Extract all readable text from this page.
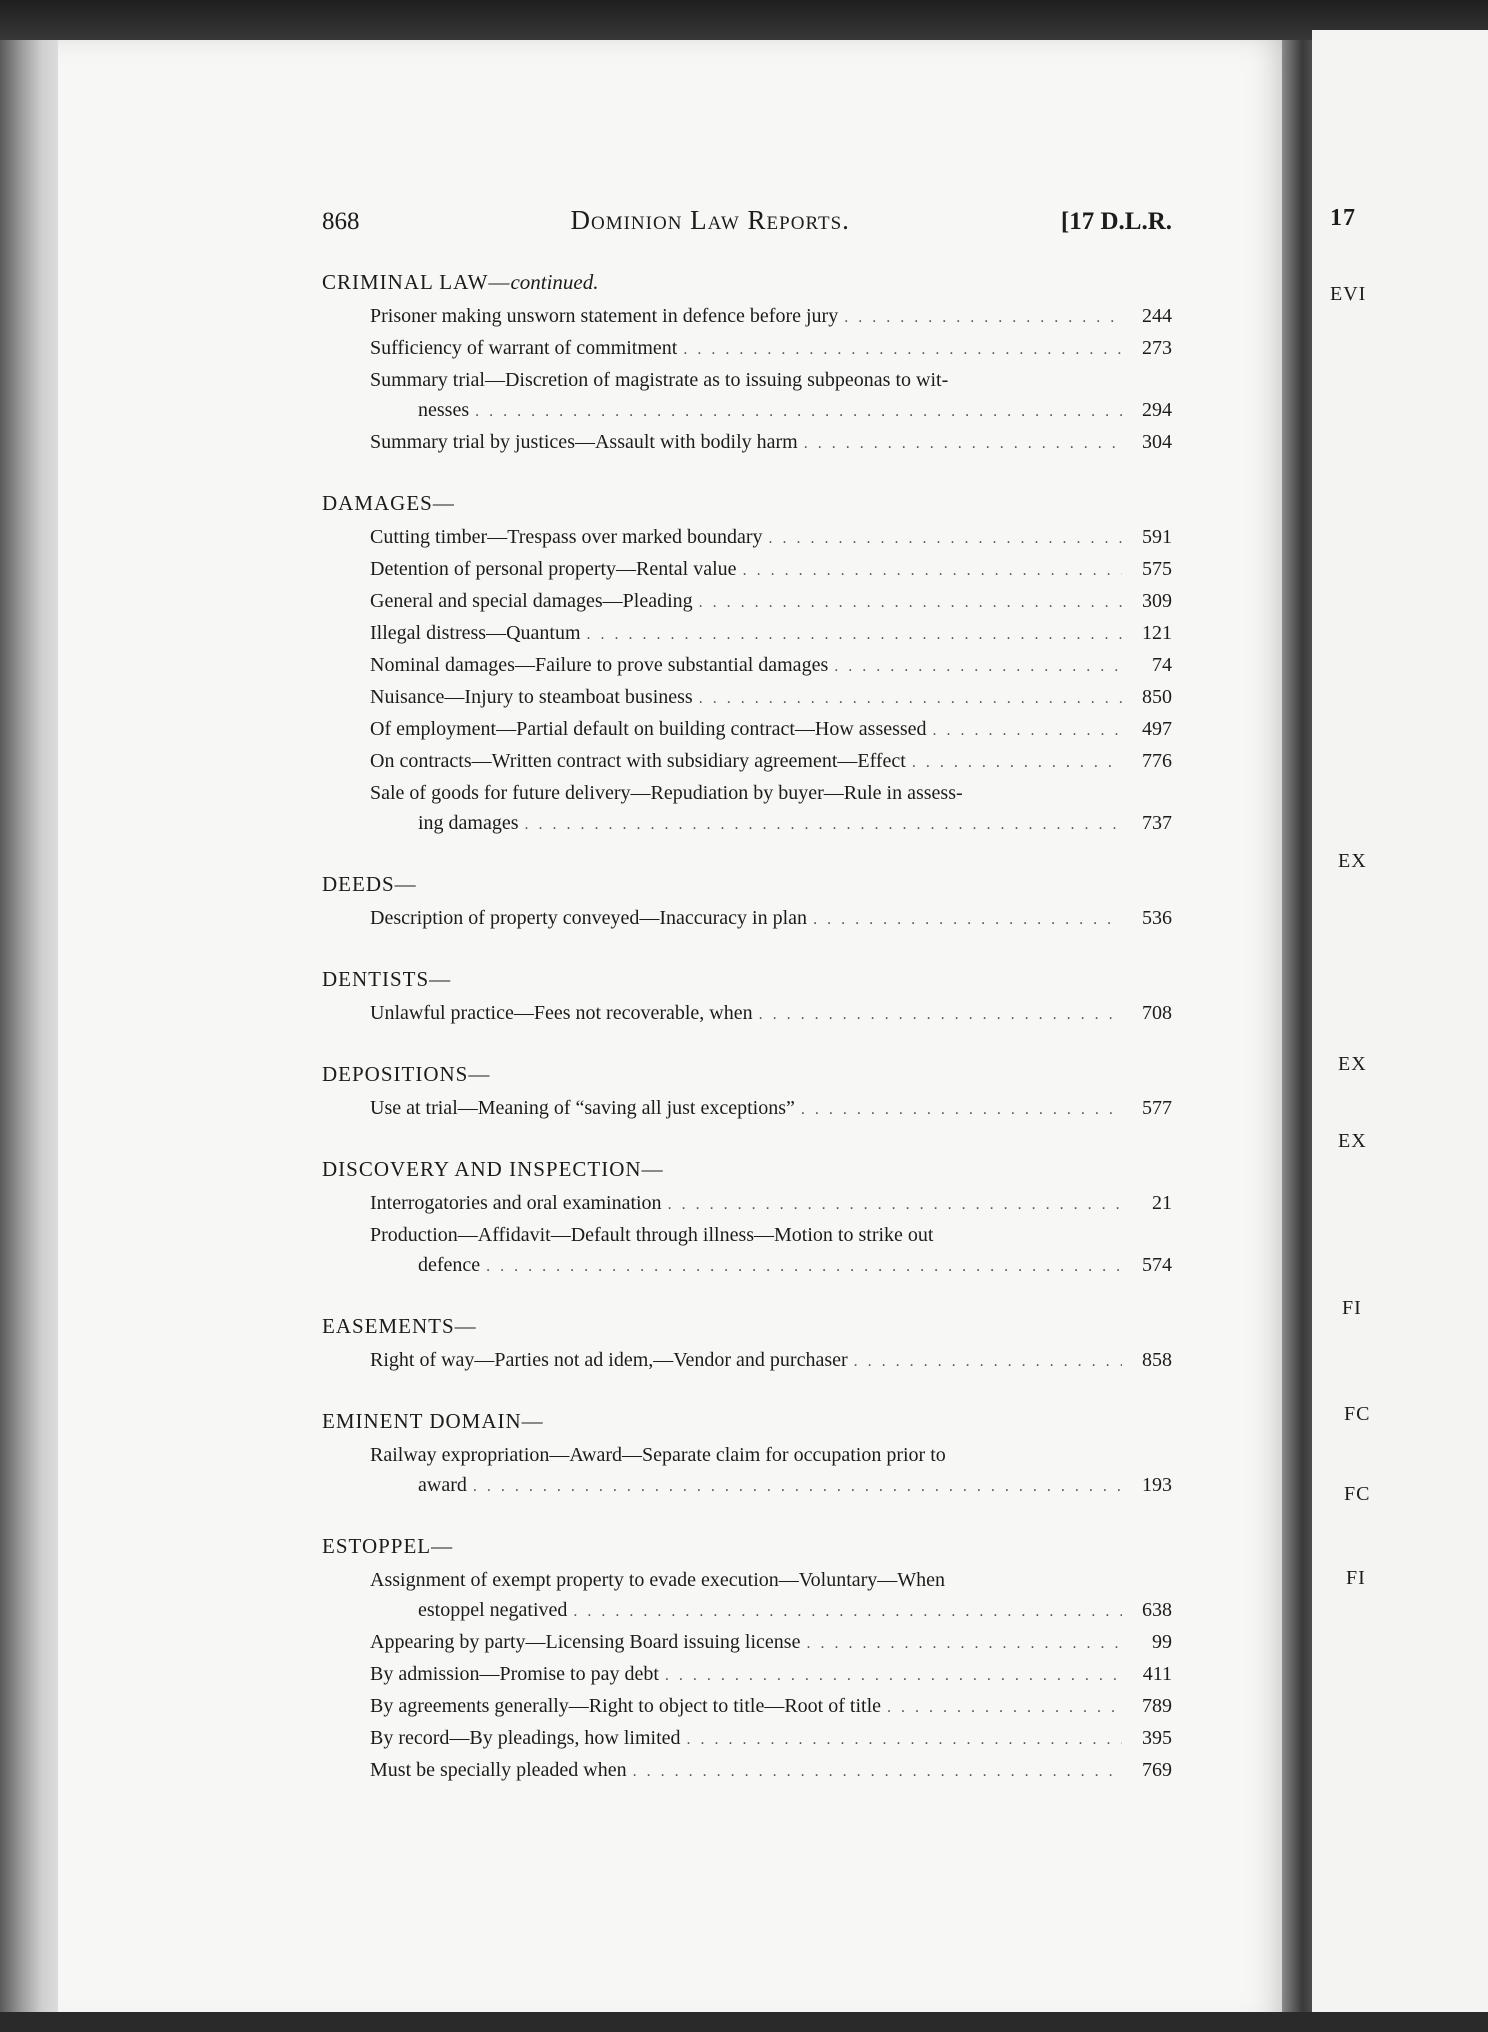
868	Dominion Law Reports.	[17 D.L.R.
CRIMINAL LAW—continued.
Prisoner making unsworn statement in defence before jury . . .	244
Sufficiency of warrant of commitment . . .	273
Summary trial—Discretion of magistrate as to issuing subpeonas to wit-
nesses . . .	294
Summary trial by justices—Assault with bodily harm . . .	304
DAMAGES—
Cutting timber—Trespass over marked boundary . . .	591
Detention of personal property—Rental value . . .	575
General and special damages—Pleading . . .	309
Illegal distress—Quantum . . .	121
Nominal damages—Failure to prove substantial damages . . .	74
Nuisance—Injury to steamboat business . . .	850
Of employment—Partial default on building contract—How assessed . . .	497
On contracts—Written contract with subsidiary agreement—Effect . . .	776
Sale of goods for future delivery—Repudiation by buyer—Rule in assess-
ing damages . . .	737
DEEDS—
Description of property conveyed—Inaccuracy in plan . . .	536
DENTISTS—
Unlawful practice—Fees not recoverable, when . . .	708
DEPOSITIONS—
Use at trial—Meaning of “saving all just exceptions” . . .	577
DISCOVERY AND INSPECTION—
Interrogatories and oral examination . . .	21
Production—Affidavit—Default through illness—Motion to strike out
defence . . .	574
EASEMENTS—
Right of way—Parties not ad idem,—Vendor and purchaser . . .	858
EMINENT DOMAIN—
Railway expropriation—Award—Separate claim for occupation prior to
award . . .	193
ESTOPPEL—
Assignment of exempt property to evade execution—Voluntary—When
estoppel negatived . . .	638
Appearing by party—Licensing Board issuing license . . .	99
By admission—Promise to pay debt . . .	411
By agreements generally—Right to object to title—Root of title . . .	789
By record—By pleadings, how limited . . .	395
Must be specially pleaded when . . .	769
17
EVI
EX
EX
EX
FI
FC
FC
FI
